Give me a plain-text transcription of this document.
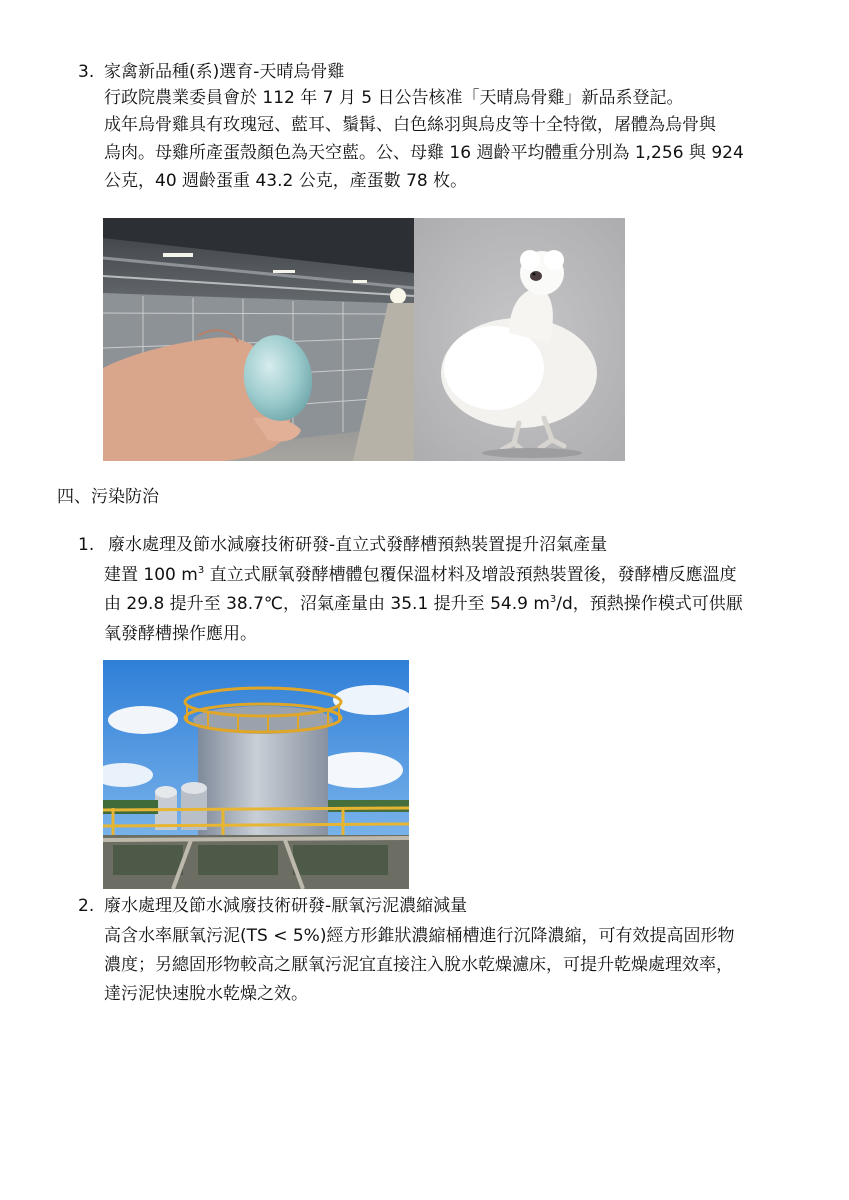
3. 家禽新品種(系)選育-天晴烏骨雞
行政院農業委員會於 112 年 7 月 5 日公告核准「天晴烏骨雞」新品系登記。
成年烏骨雞具有玫瑰冠、藍耳、鬚髯、白色絲羽與烏皮等十全特徵，屠體為烏骨與
烏肉。母雞所產蛋殼顏色為天空藍。公、母雞 16 週齡平均體重分別為 1,256 與 924
公克，40 週齡蛋重 43.2 公克，產蛋數 78 枚。
四、污染防治
1. 廢水處理及節水減廢技術研發-直立式發酵槽預熱裝置提升沼氣產量
建置 100 $m^3$ 直立式厭氧發酵槽體包覆保溫材料及增設預熱裝置後，發酵槽反應溫度
由 29.8 提升至 38.7℃，沼氣產量由 35.1 提升至 54.9 $m^3/d$，預熱操作模式可供厭
氧發酵槽操作應用。
2. 廢水處理及節水減廢技術研發-厭氧污泥濃縮減量
高含水率厭氧污泥(TS < 5%)經方形錐狀濃縮桶槽進行沉降濃縮，可有效提高固形物
濃度；另總固形物較高之厭氧污泥宜直接注入脫水乾燥濾床，可提升乾燥處理效率，
達污泥快速脫水乾燥之效。
